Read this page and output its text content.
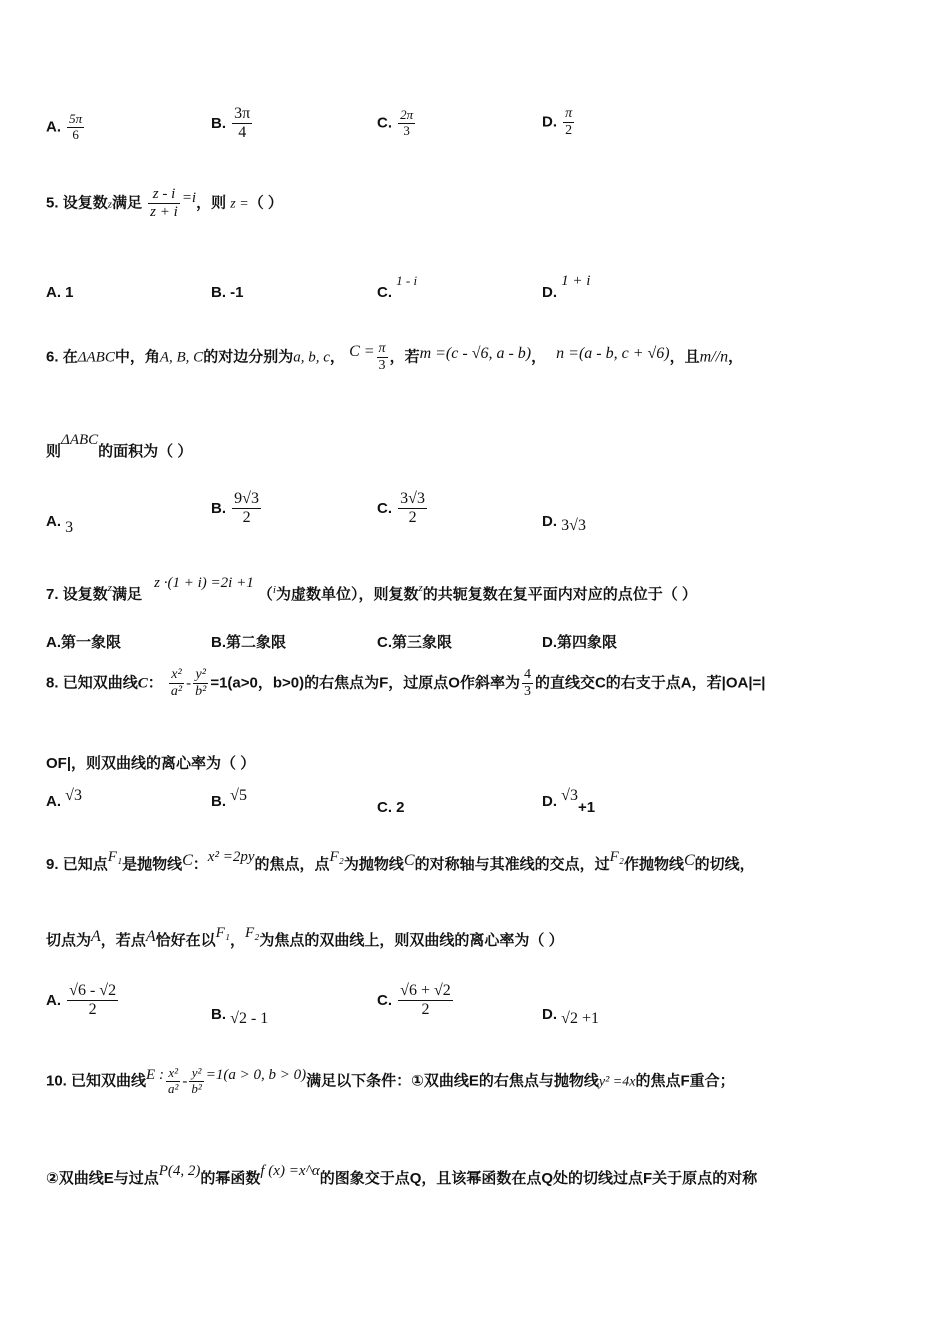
A. $\frac{5\pi}{6}$	B. $\frac{3\pi}{4}$	C. $\frac{2\pi}{3}$	D. $\frac{\pi}{2}$
5. 设复数z满足 $\frac{z - i}{z + i} =i$，则 z =（ ）
A. 1	B. -1	C. 1 - i
D. 1 + i
6. 在ΔABC中，角A, B, C的对边分别为a, b, c， $C = \frac{\pi}{3}$ ，若m =(c - √6, a - b)， n =(a - b, c + √6)，且m//n，
则ΔABC的面积为（ ）
A. 3
B. $\frac{9√3}{2}$	C. $\frac{3√3}{2}$	D. 3√3
7. 设复数$^z$满足 z ·(1 + i) =2i +1 （$^i$为虚数单位），则复数$^z$的共轭复数在复平面内对应的点位于（ ）
A.第一象限	B.第二象限	C.第三象限	D.第四象限
8. 已知双曲线C： $\frac{\text{x²}}{\text{a²}} - \frac{\text{y²}}{\text{b²}} =1(a>0$，b>0)的右焦点为F，过原点O作斜率为 $\frac{4}{3}$ 的直线交C的右支于点A，若|OA|=|
OF|，则双曲线的离心率为（ ）
A. √3	B. √5
C. 2	D. √3+1
9. 已知点F₁是抛物线C：x² =2py的焦点，点F₂为抛物线C的对称轴与其准线的交点，过F₂作抛物线C的切线，
切点为A，若点A恰好在以F₁，F₂为焦点的双曲线上，则双曲线的离心率为（ ）
A. $\frac{√6 - √2}{2}$	B. √2 - 1
C. $\frac{√6 + √2}{2}$	D. √2 +1
10. 已知双曲线E : $\frac{\text{x²}}{\text{a²}} - \frac{\text{y²}}{\text{b²}} =1(a > 0$, b > 0)满足以下条件：①双曲线E的右焦点与抛物线y² =4x的焦点F重合；
②双曲线E与过点P(4, 2)的幂函数f (x) =x^α的图象交于点Q，且该幂函数在点Q处的切线过点F关于原点的对称
